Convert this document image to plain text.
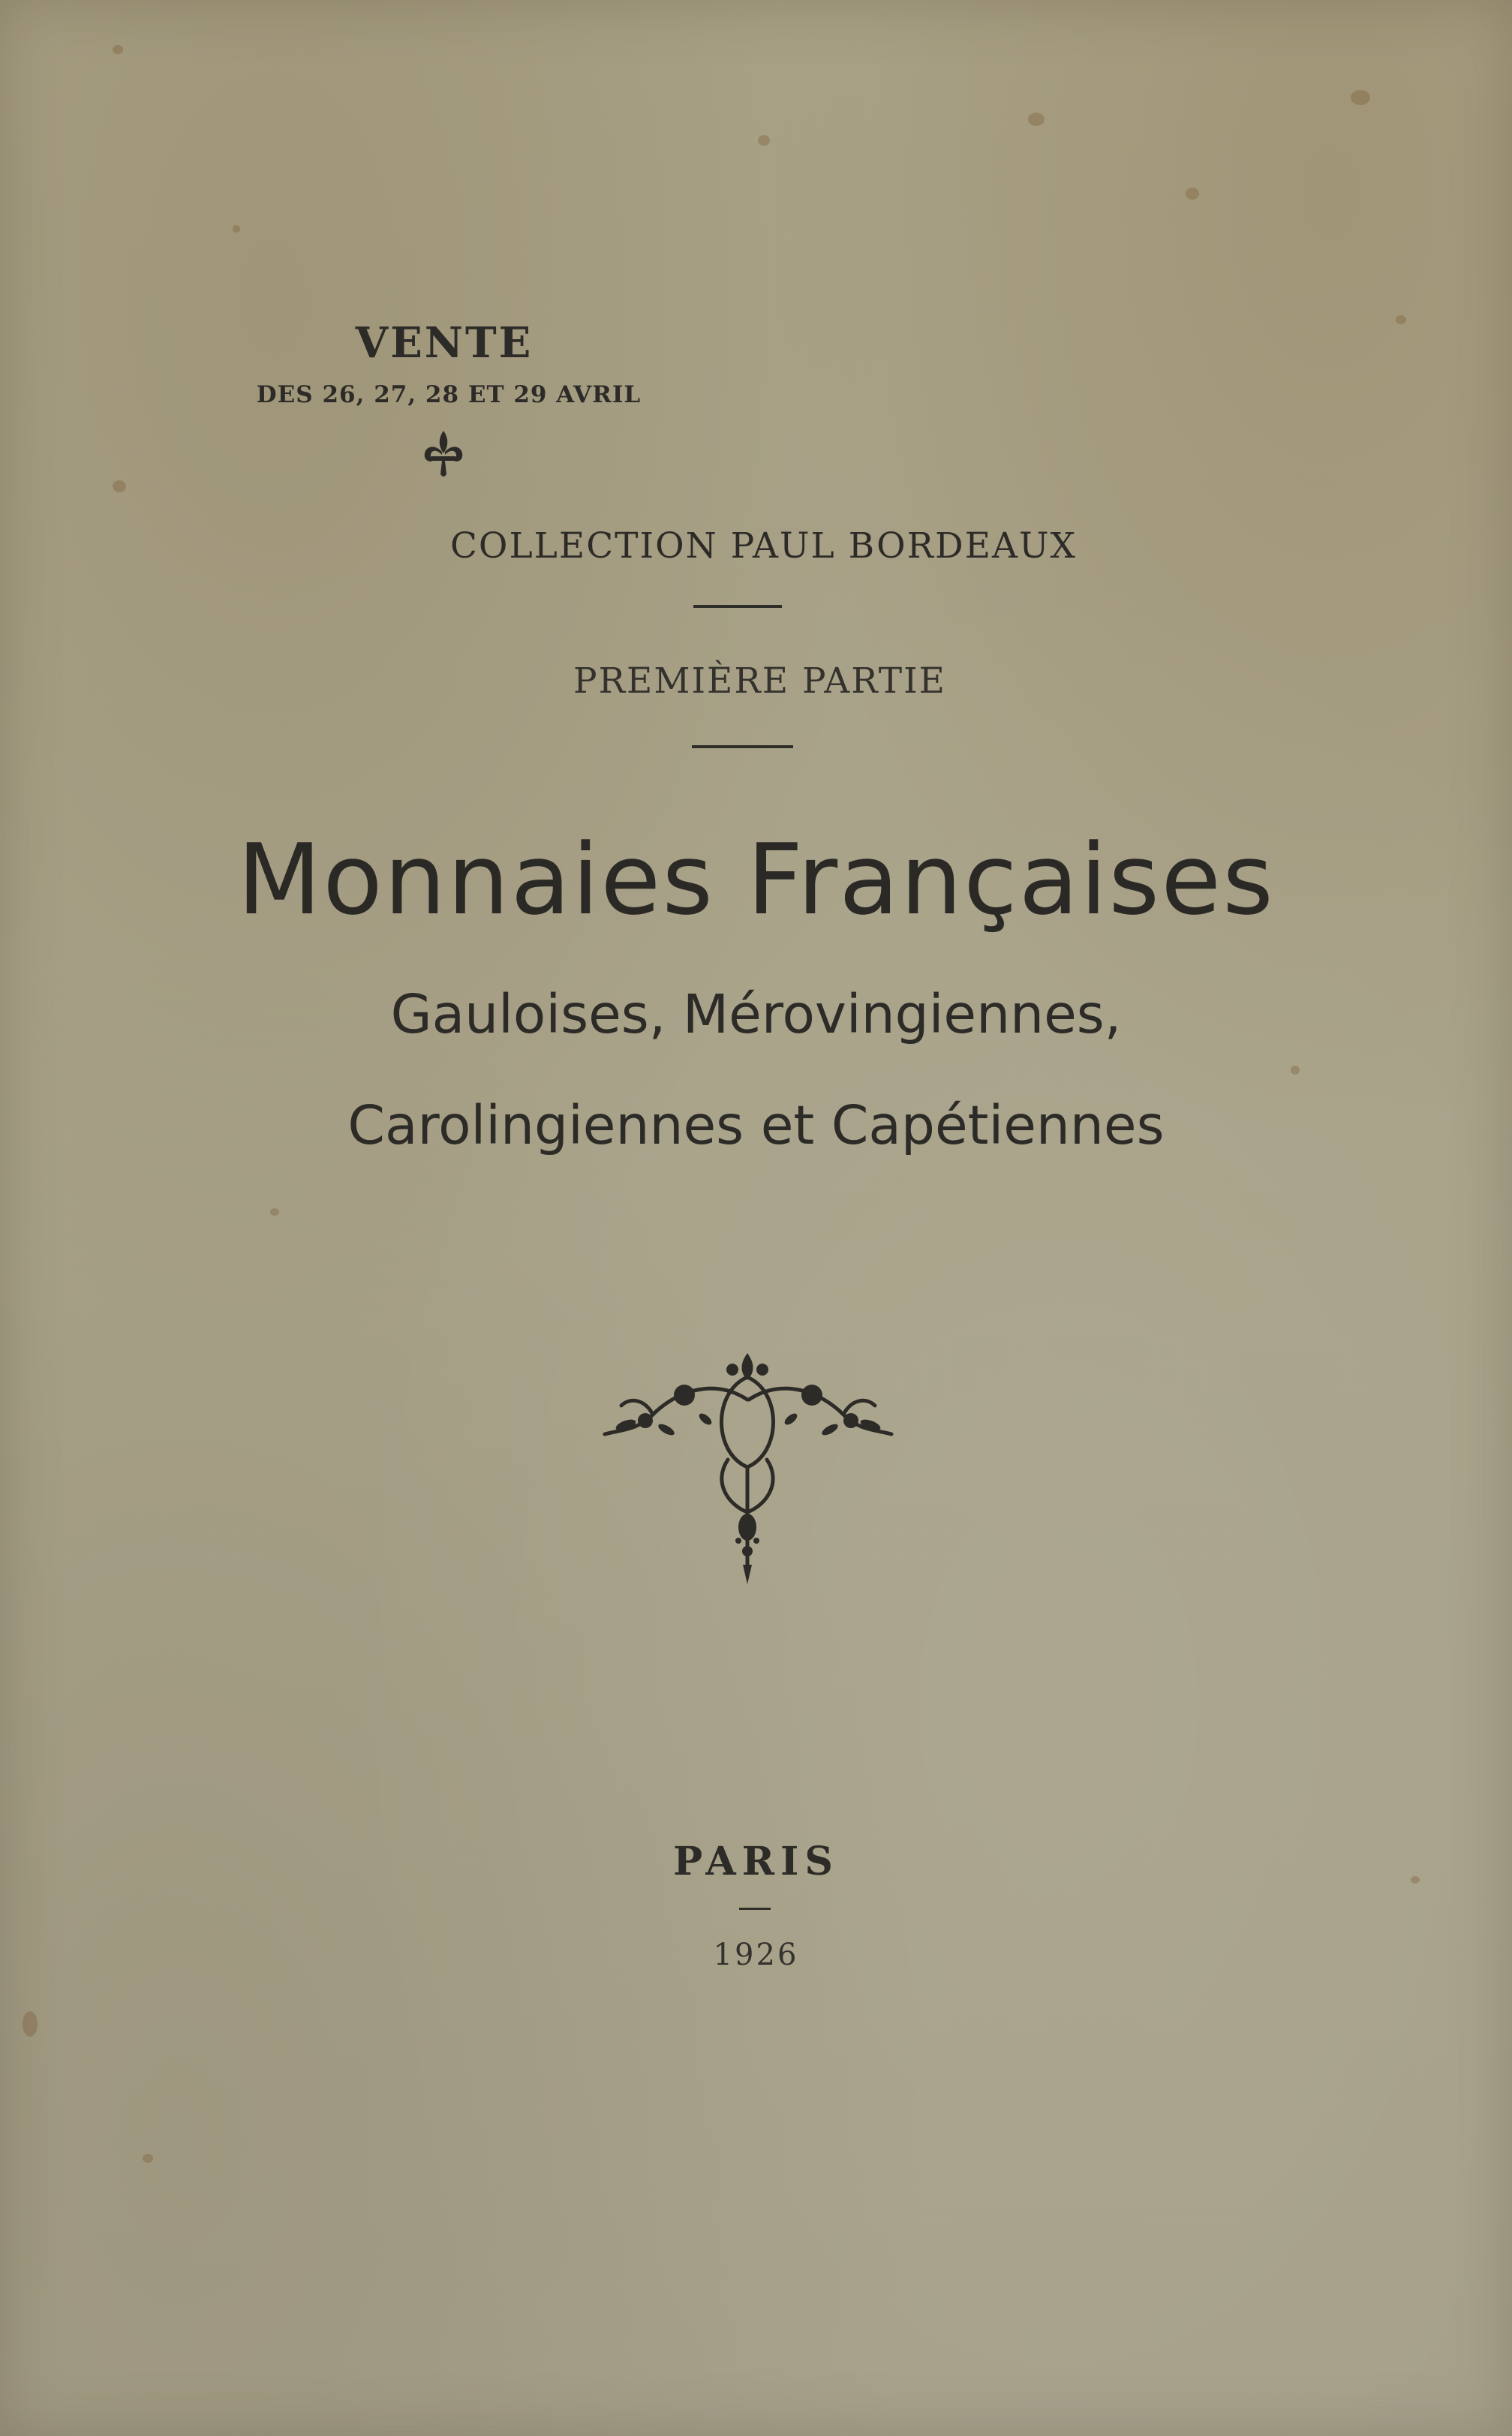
VENTE
DES 26, 27, 28 ET 29 AVRIL
COLLECTION PAUL BORDEAUX
PREMIÈRE PARTIE
Monnaies Françaises
Gauloises, Mérovingiennes,
Carolingiennes et Capétiennes
PARIS
1926
